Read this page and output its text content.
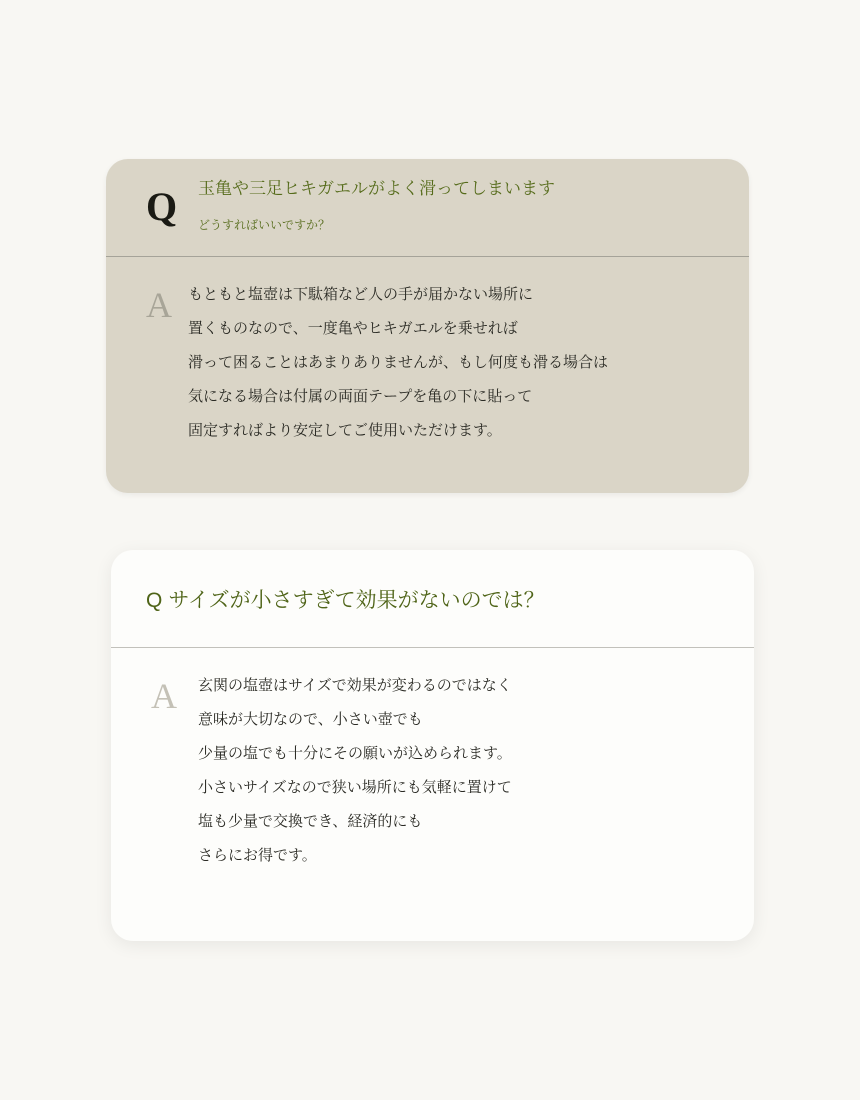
Q 玉亀や三足ヒキガエルがよく滑ってしまいます
どうすればいいですか？
A もともと塩壺は下駄箱など人の手が届かない場所に
置くものなので、一度亀やヒキガエルを乗せれば
滑って困ることはあまりありませんが、もし何度も滑る場合は
気になる場合は付属の両面テープを亀の下に貼って
固定すればより安定してご使用いただけます。
Q サイズが小さすぎて効果がないのでは？
A 玄関の塩壺はサイズで効果が変わるのではなく
意味が大切なので、小さい壺でも
少量の塩でも十分にその願いが込められます。
小さいサイズなので狭い場所にも気軽に置けて
塩も少量で交換でき、経済的にも
さらにお得です。
